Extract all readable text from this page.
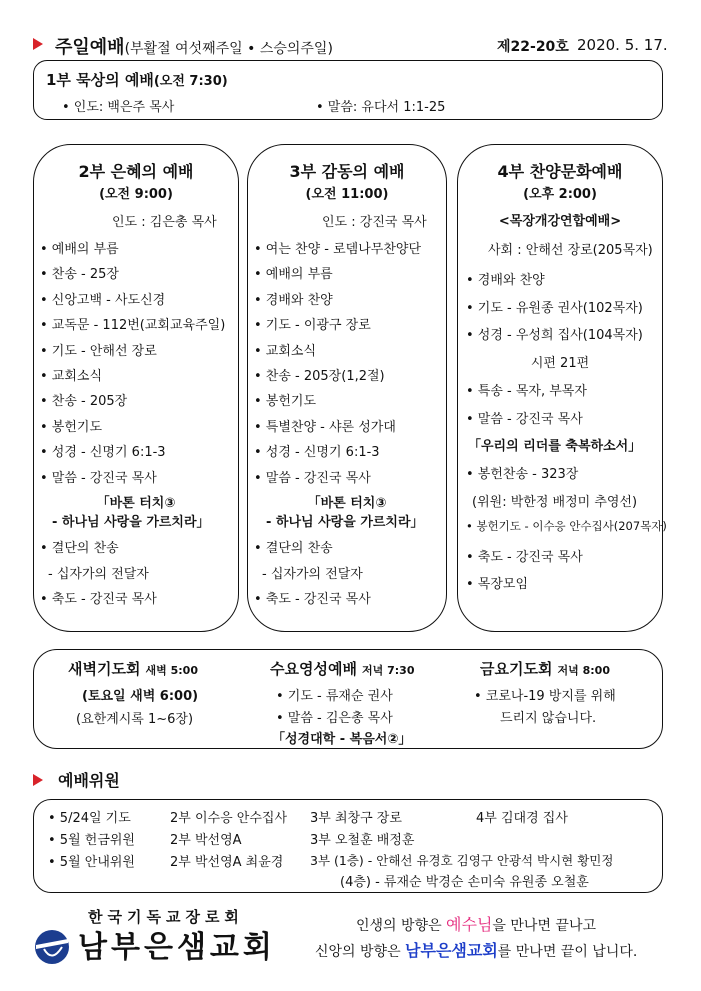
주일예배(부활절 여섯째주일 • 스승의주일)	제22-20호 2020. 5. 17.
1부 묵상의 예배(오전 7:30)
• 인도: 백은주 목사	• 말씀: 유다서 1:1-25
2부 은혜의 예배
(오전 9:00)
인도 : 김은총 목사
• 예배의 부름
• 찬송 - 25장
• 신앙고백 - 사도신경
• 교독문 - 112번(교회교육주일)
• 기도 - 안해선 장로
• 교회소식
• 찬송 - 205장
• 봉헌기도
• 성경 - 신명기 6:1-3
• 말씀 - 강진국 목사
「바톤 터치③
- 하나님 사랑을 가르치라」
• 결단의 찬송
- 십자가의 전달자
• 축도 - 강진국 목사
3부 감동의 예배
(오전 11:00)
인도 : 강진국 목사
• 여는 찬양 - 로뎀나무찬양단
• 예배의 부름
• 경배와 찬양
• 기도 - 이광구 장로
• 교회소식
• 찬송 - 205장(1,2절)
• 봉헌기도
• 특별찬양 - 샤론 성가대
• 성경 - 신명기 6:1-3
• 말씀 - 강진국 목사
「바톤 터치③
- 하나님 사랑을 가르치라」
• 결단의 찬송
- 십자가의 전달자
• 축도 - 강진국 목사
4부 찬양문화예배
(오후 2:00)
<목장개강연합예배>
사회 : 안해선 장로(205목자)
• 경배와 찬양
• 기도 - 유원종 권사(102목자)
• 성경 - 우성희 집사(104목자)
시편 21편
• 특송 - 목자, 부목자
• 말씀 - 강진국 목사
「우리의 리더를 축복하소서」
• 봉헌찬송 - 323장
(위원: 박한정 배정미 추영선)
• 봉헌기도 - 이수응 안수집사(207목자)
• 축도 - 강진국 목사
• 목장모임
새벽기도회 새벽 5:00
(토요일 새벽 6:00)
(요한계시록 1~6장)
수요영성예배 저녁 7:30
• 기도 - 류재순 권사
• 말씀 - 김은총 목사
「성경대학 - 복음서②」
금요기도회 저녁 8:00
• 코로나-19 방지를 위해
드리지 않습니다.
예배위원
• 5/24일 기도	2부 이수응 안수집사 3부 최창구 장로	4부 김대경 집사
• 5월 헌금위원	2부 박선영A	3부 오철훈 배정훈
• 5월 안내위원	2부 박선영A 최윤경 3부 (1층) - 안해선 유경호 김영구 안광석 박시현 황민정
(4층) - 류재순 박경순 손미숙 유원종 오철훈
한국기독교장로회
남부은샘교회
인생의 방향은 예수님을 만나면 끝나고
신앙의 방향은 남부은샘교회를 만나면 끝이 납니다.
